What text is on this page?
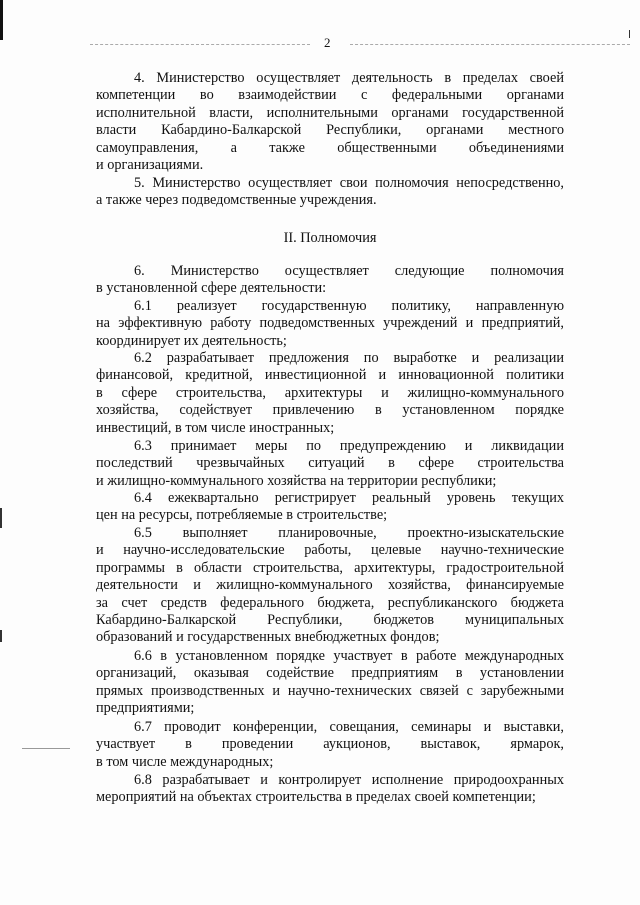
2

4. Министерство осуществляет деятельность в пределах своей

компетенции во взаимодействии с федеральными органами

исполнительной власти, исполнительными органами государственной

власти Кабардино-Балкарской Республики, органами местного

самоуправления, а также общественными объединениями

и организациями.

5. Министерство осуществляет свои полномочия непосредственно,

а также через подведомственные учреждения.

II. Полномочия

6. Министерство осуществляет следующие полномочия

в установленной сфере деятельности:

6.1 реализует государственную политику, направленную

на эффективную работу подведомственных учреждений и предприятий,

координирует их деятельность;

6.2 разрабатывает предложения по выработке и реализации

финансовой, кредитной, инвестиционной и инновационной политики

в сфере строительства, архитектуры и жилищно-коммунального

хозяйства, содействует привлечению в установленном порядке

инвестиций, в том числе иностранных;

6.3 принимает меры по предупреждению и ликвидации

последствий чрезвычайных ситуаций в сфере строительства

и жилищно-коммунального хозяйства на территории республики;

6.4 ежеквартально регистрирует реальный уровень текущих

цен на ресурсы, потребляемые в строительстве;

6.5 выполняет планировочные, проектно-изыскательские

и научно-исследовательские работы, целевые научно-технические

программы в области строительства, архитектуры, градостроительной

деятельности и жилищно-коммунального хозяйства, финансируемые

за счет средств федерального бюджета, республиканского бюджета

Кабардино-Балкарской Республики, бюджетов муниципальных

образований и государственных внебюджетных фондов;

6.6 в установленном порядке участвует в работе международных

организаций, оказывая содействие предприятиям в установлении

прямых производственных и научно-технических связей с зарубежными

предприятиями;

6.7 проводит конференции, совещания, семинары и выставки,

участвует в проведении аукционов, выставок, ярмарок,

в том числе международных;

6.8 разрабатывает и контролирует исполнение природоохранных

мероприятий на объектах строительства в пределах своей компетенции;
